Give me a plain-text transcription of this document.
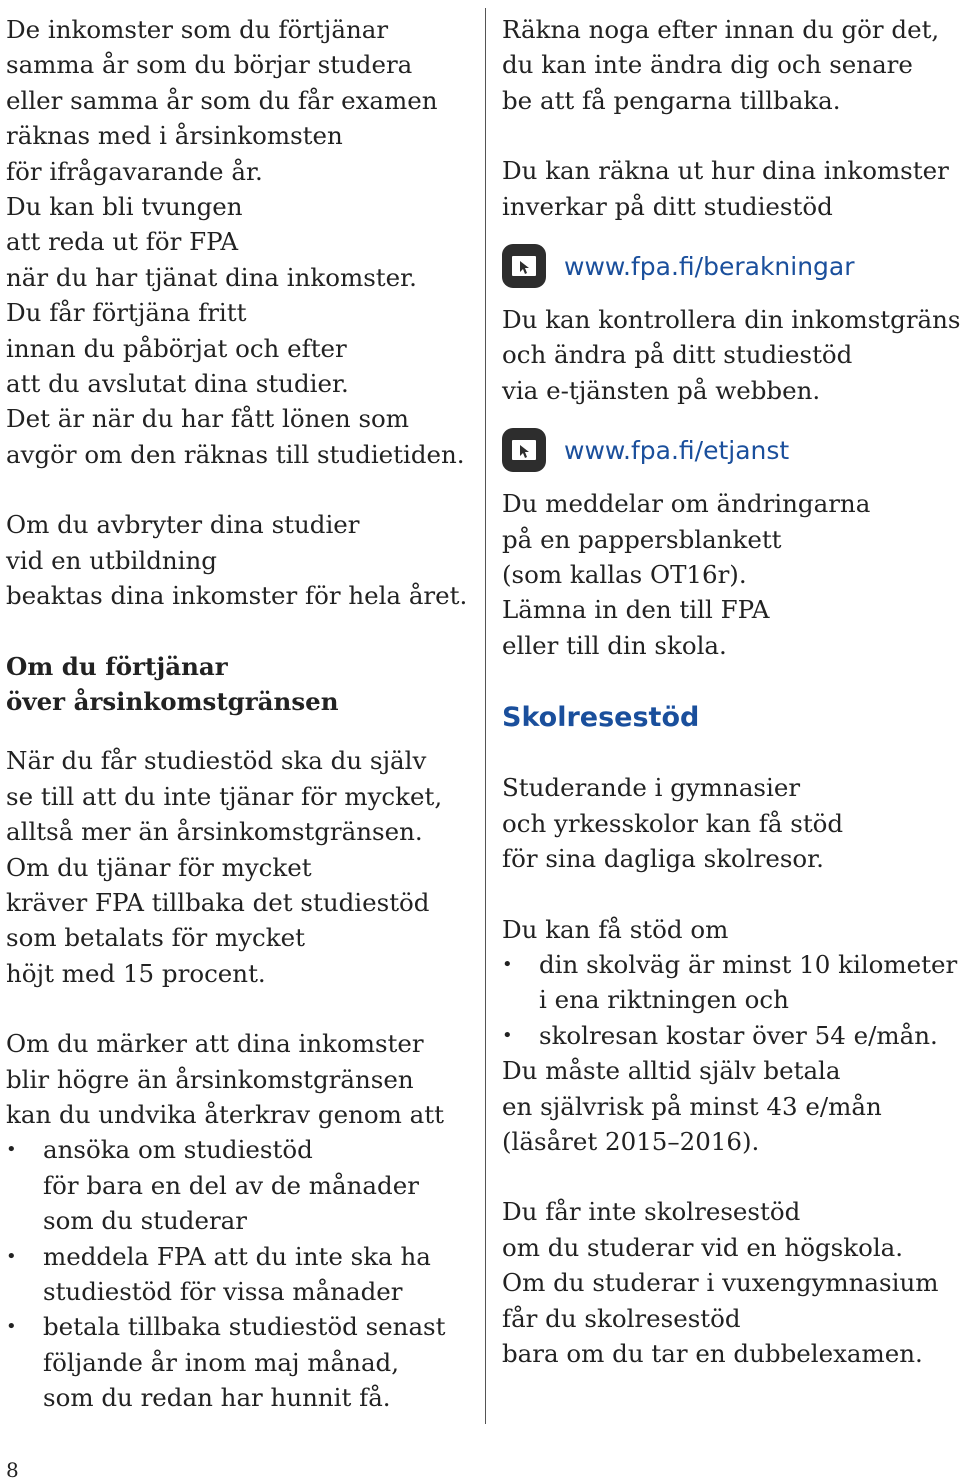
De inkomster som du förtjänar

samma år som du börjar studera

eller samma år som du får examen

räknas med i årsinkomsten

för ifrågavarande år.

Du kan bli tvungen

att reda ut för FPA

när du har tjänat dina inkomster.

Du får förtjäna fritt

innan du påbörjat och efter

att du avslutat dina studier.

Det är när du har fått lönen som

avgör om den räknas till studietiden.

Om du avbryter dina studier

vid en utbildning

beaktas dina inkomster för hela året.

Om du förtjänar

över årsinkomstgränsen

När du får studiestöd ska du själv

se till att du inte tjänar för mycket,

alltså mer än årsinkomstgränsen.

Om du tjänar för mycket

kräver FPA tillbaka det studiestöd

som betalats för mycket

höjt med 15 procent.

Om du märker att dina inkomster

blir högre än årsinkomstgränsen

kan du undvika återkrav genom att

• ansöka om studiestöd
för bara en del av de månader
som du studerar
• meddela FPA att du inte ska ha
studiestöd för vissa månader
• betala tillbaka studiestöd senast
följande år inom maj månad,
som du redan har hunnit få.

Räkna noga efter innan du gör det,

du kan inte ändra dig och senare

be att få pengarna tillbaka.

Du kan räkna ut hur dina inkomster

inverkar på ditt studiestöd

www.fpa.fi/berakningar

Du kan kontrollera din inkomstgräns

och ändra på ditt studiestöd

via e-tjänsten på webben.

www.fpa.fi/etjanst

Du meddelar om ändringarna

på en pappersblankett

(som kallas OT16r).

Lämna in den till FPA

eller till din skola.

Skolresestöd

Studerande i gymnasier

och yrkesskolor kan få stöd

för sina dagliga skolresor.

Du kan få stöd om

• din skolväg är minst 10 kilometer
i ena riktningen och
• skolresan kostar över 54 e/mån.

Du måste alltid själv betala

en självrisk på minst 43 e/mån

(läsåret 2015–2016).

Du får inte skolresestöd

om du studerar vid en högskola.

Om du studerar i vuxengymnasium

får du skolresestöd

bara om du tar en dubbelexamen.

8
